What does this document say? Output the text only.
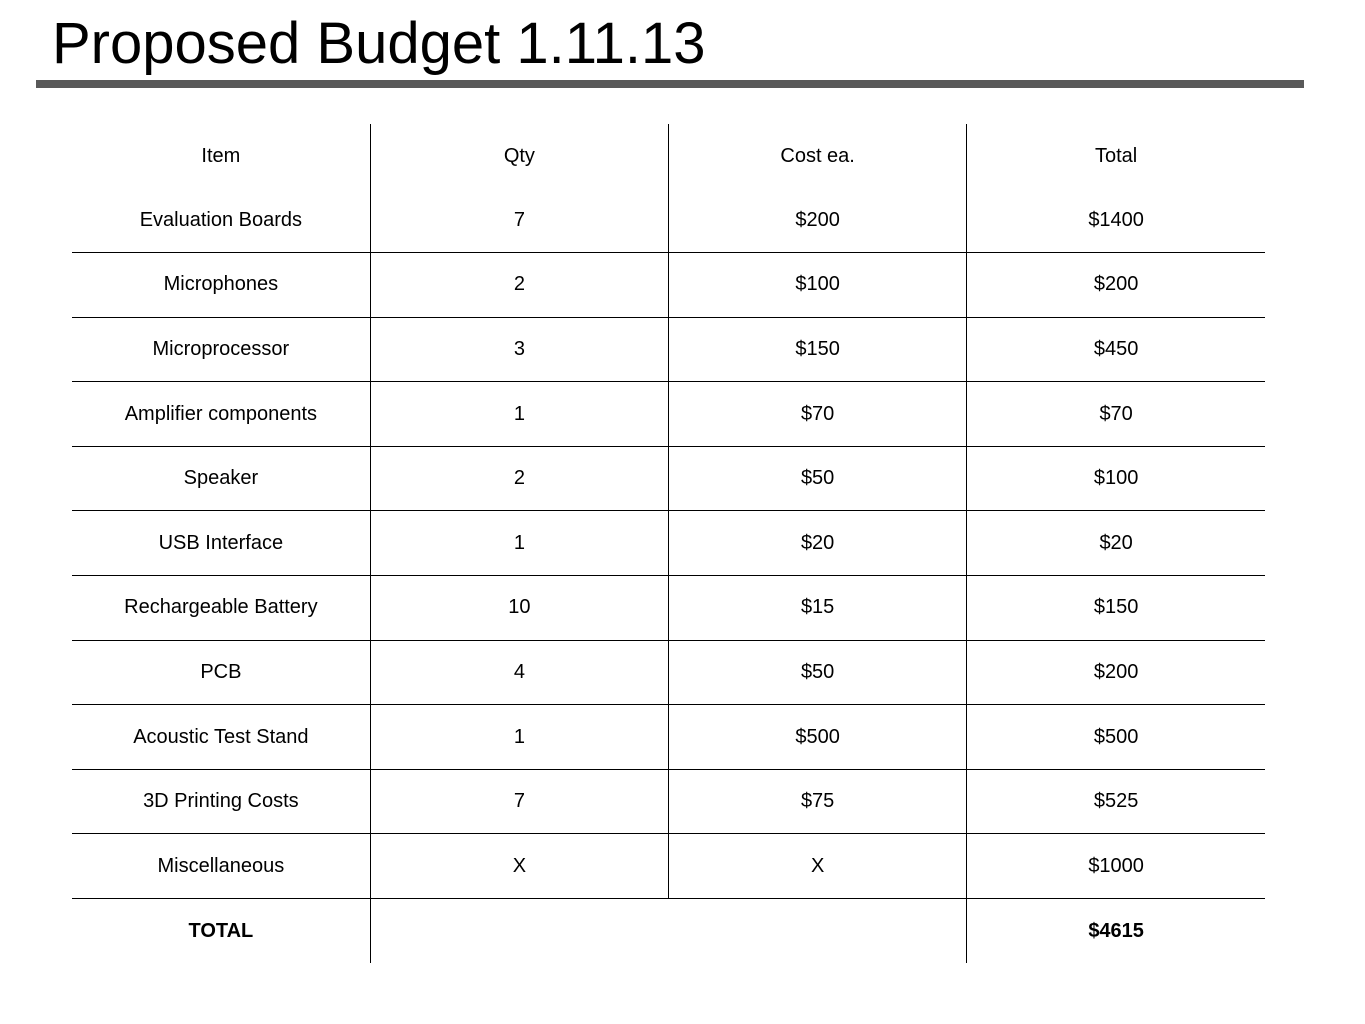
Proposed Budget 1.11.13
Item	Qty	Cost ea.	Total
Evaluation Boards	7	$200	$1400
Microphones	2	$100	$200
Microprocessor	3	$150	$450
Amplifier components	1	$70	$70
Speaker	2	$50	$100
USB Interface	1	$20	$20
Rechargeable Battery	10	$15	$150
PCB	4	$50	$200
Acoustic Test Stand	1	$500	$500
3D Printing Costs	7	$75	$525
Miscellaneous	X	X	$1000
TOTAL			$4615
